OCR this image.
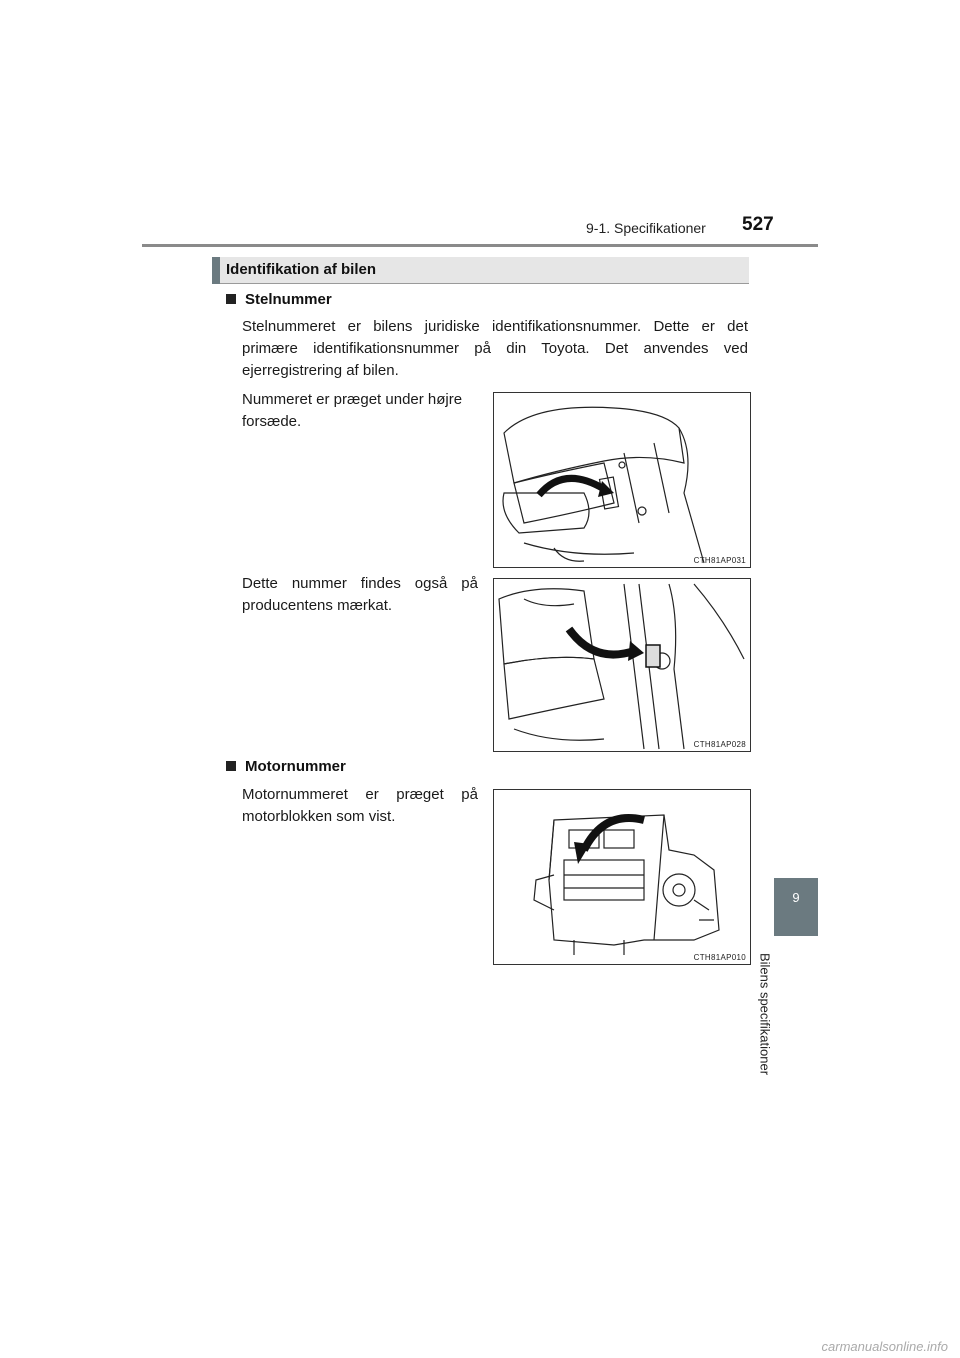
9-1. Specifikationer 527
9
Bilens specifikationer
Identifikation af bilen
Stelnummer
Stelnummeret er bilens juridiske identifikationsnummer. Dette er det primære identifikationsnummer på din Toyota. Det anvendes ved ejerregistrering af bilen.
Nummeret er præget under højre forsæde.
CTH81AP031
Dette nummer findes også på producentens mærkat.
CTH81AP028
Motornummer
Motornummeret er præget på motorblokken som vist.
CTH81AP010
carmanualsonline.info
